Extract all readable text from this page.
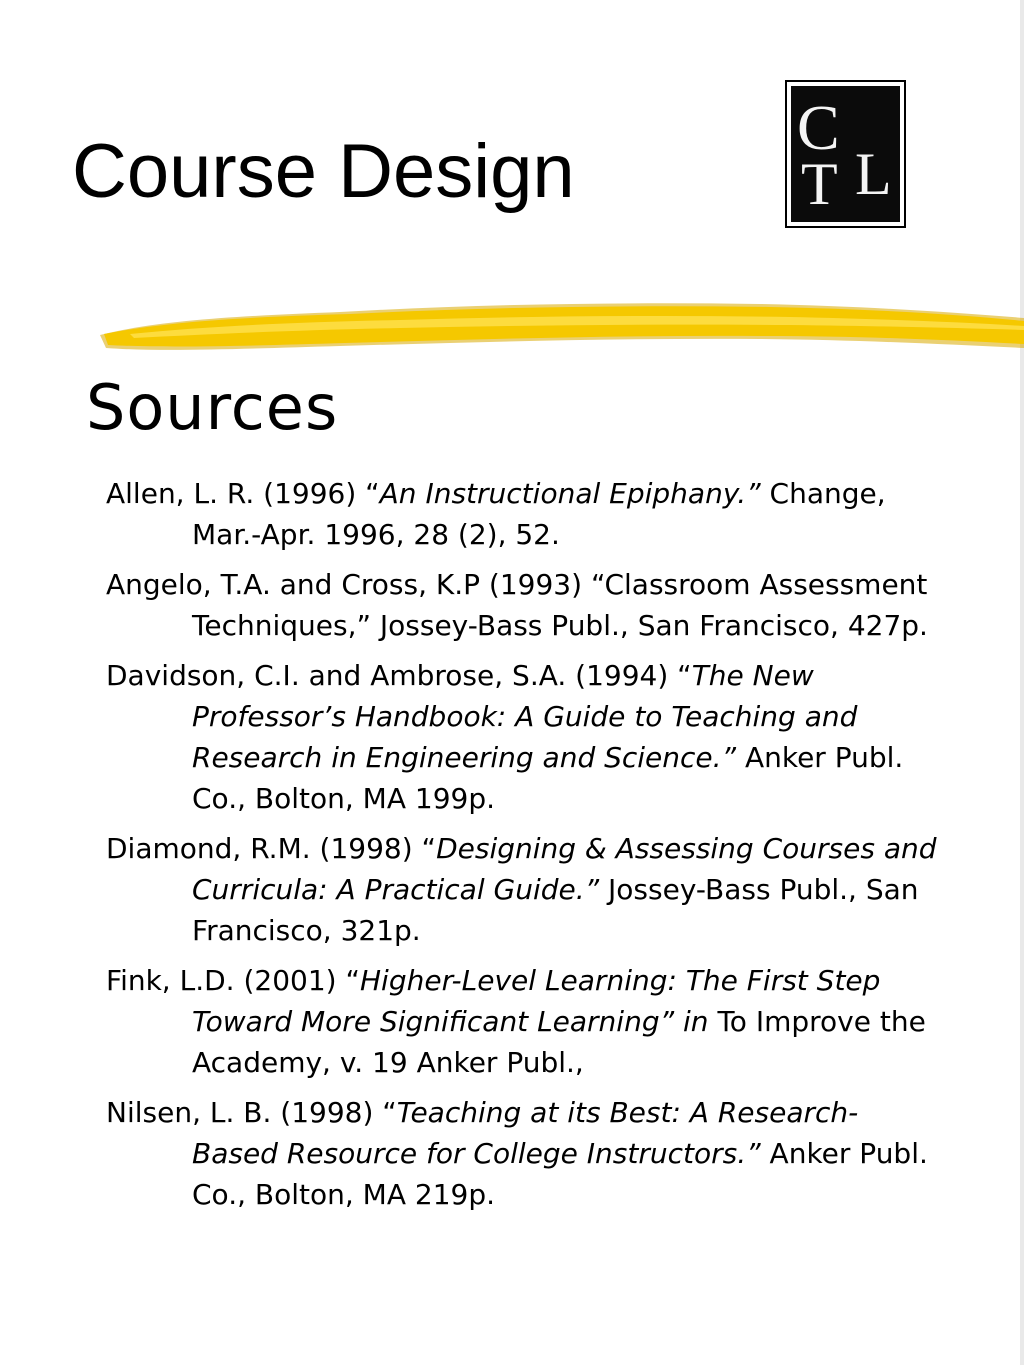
Course Design
C
L
T
Sources
Allen, L. R. (1996) “An Instructional Epiphany.” Change, Mar.-Apr. 1996, 28 (2), 52.
Angelo, T.A. and Cross, K.P (1993) “Classroom Assessment Techniques,” Jossey-Bass Publ., San Francisco, 427p.
Davidson, C.I. and Ambrose, S.A. (1994) “The New Professor’s Handbook: A Guide to Teaching and Research in Engineering and Science.” Anker Publ. Co., Bolton, MA 199p.
Diamond, R.M. (1998) “Designing & Assessing Courses and Curricula: A Practical Guide.” Jossey-Bass Publ., San Francisco, 321p.
Fink, L.D. (2001) “Higher-Level Learning: The First Step Toward More Significant Learning” in To Improve the Academy, v. 19 Anker Publ.,
Nilsen, L. B. (1998) “Teaching at its Best: A Research-Based Resource for College Instructors.” Anker Publ. Co., Bolton, MA 219p.
